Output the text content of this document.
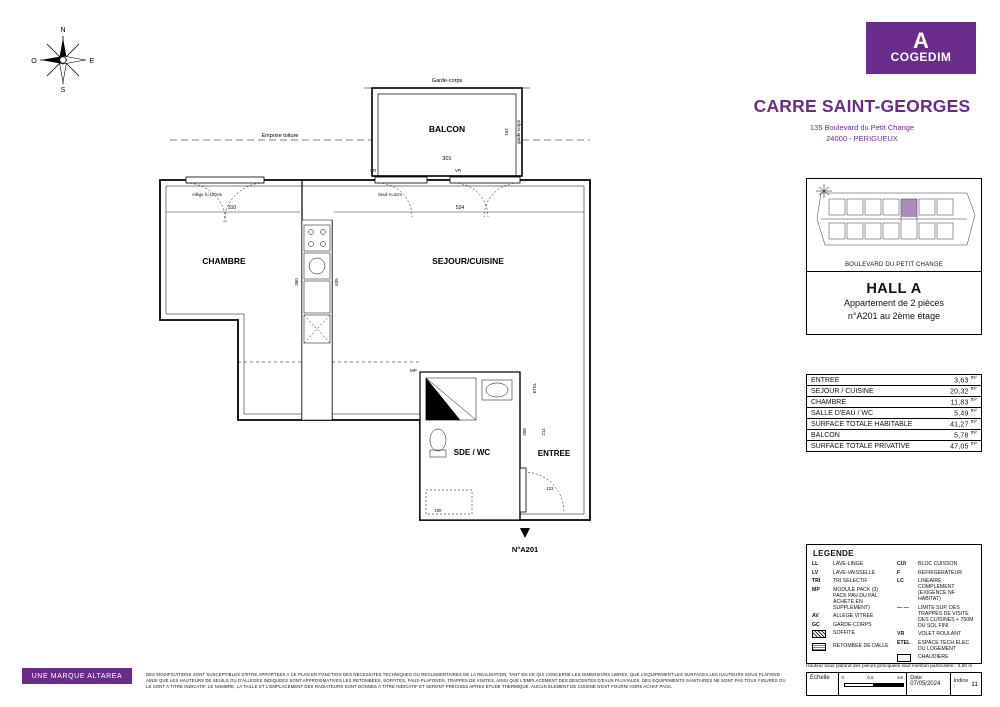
N
S
E
O
A
COGEDIM
CARRE SAINT-GEORGES
135 Boulevard du Petit Change
24000 - PERIGUEUX
BOULEVARD DU PETIT CHANGE
HALL A
Appartement de 2 pièces
n°A201 au 2ème étage
ENTREE	3,63 $^{m^2}$
SEJOUR / CUISINE	20,32 $^{m^2}$
CHAMBRE	11,83 $^{m^2}$
SALLE D'EAU / WC	5,49 $^{m^2}$
SURFACE TOTALE HABITABLE	41,27 $^{m^2}$
BALCON	5,78 $^{m^2}$
SURFACE TOTALE PRIVATIVE	47,05 $^{m^2}$
LEGENDE
LL	LAVE-LINGE
LV	LAVE-VAISSELLE
TRI	TRI SELECTIF
MP	MODULE PACK (3) PACK PAV-DU PAL ACHETE EN SUPPLEMENT)
AV	ALLEGE VITREE
GC	GARDE-CORPS
SOFFITE
RETOMBEE DE DALLE
CUI	BLOC CUISSON
F	REFRIGERATEUR
LC	LINEAIRE COMPLEMENT (EXIGENCE NF HABITAT)
— —	LIMITE SUP. DES TRAPPES DE VISITE DES CUISINES + 750M DU SOL FINI
VR	VOLET ROULANT
ETEL	ESPACE TECH ELEC DU LOGEMENT
CHAUDIERE
Hauteur sous plafond des pièces principales sauf mention particulière : 2,50 m
Echelle	0	0,5	1m Date
07/05/2024	Indice :	11
UNE MARQUE ALTAREA	DES MODIFICATIONS SONT SUSCEPTIBLES D'ETRE APPORTEES A CE PLAN EN FONCTION DES NECESSITES TECHNIQUES OU REGLEMENTAIRES DE LA REALISATION, TANT EN CE QUI CONCERNE LES DIMENSIONS LIBRES, QUE L'EQUIPEMENT.LES SURFACES,LES HAUTEURS SOUS PLAFOND AINSI QUE LES HAUTEURS DE SEUILS OU D'ALLEGES INDIQUEES SONT APPROXIMATIVES.LES RETOMBEES, SOFFITES, FAUX-PLAFONDS, TRAPPES DE VISITES, AINSI QUE L'EMPLACEMENT DES DESCENTES D'EAUX PLUVIALES, DES EQUIPEMENTS SANITAIRES NE SONT PAS TOUS FIGURES OU LE SONT A TITRE INDICATIF. LE NOMBRE, LA TAILLE ET L'EMPLACEMENT DES RADIATEURS SONT DONNES A TITRE INDICATIF ET SERONT PRECISES APRES ETUDE THERMIQUE. AUCUN ELEMENT DE CUISINE N'EST FOURNI HORS ACHAT PACK.
Garde-corps
BALCON
301
162 garde-corps
Emprise toiture
Allège h=100cm	Seuil H=2cm
VR	VR
360	635
310	524
CHAMBRE	SEJOUR/CUISINE
SDE / WC
308	211
100
MP
ETEL
ENTREE
123
N°A201
